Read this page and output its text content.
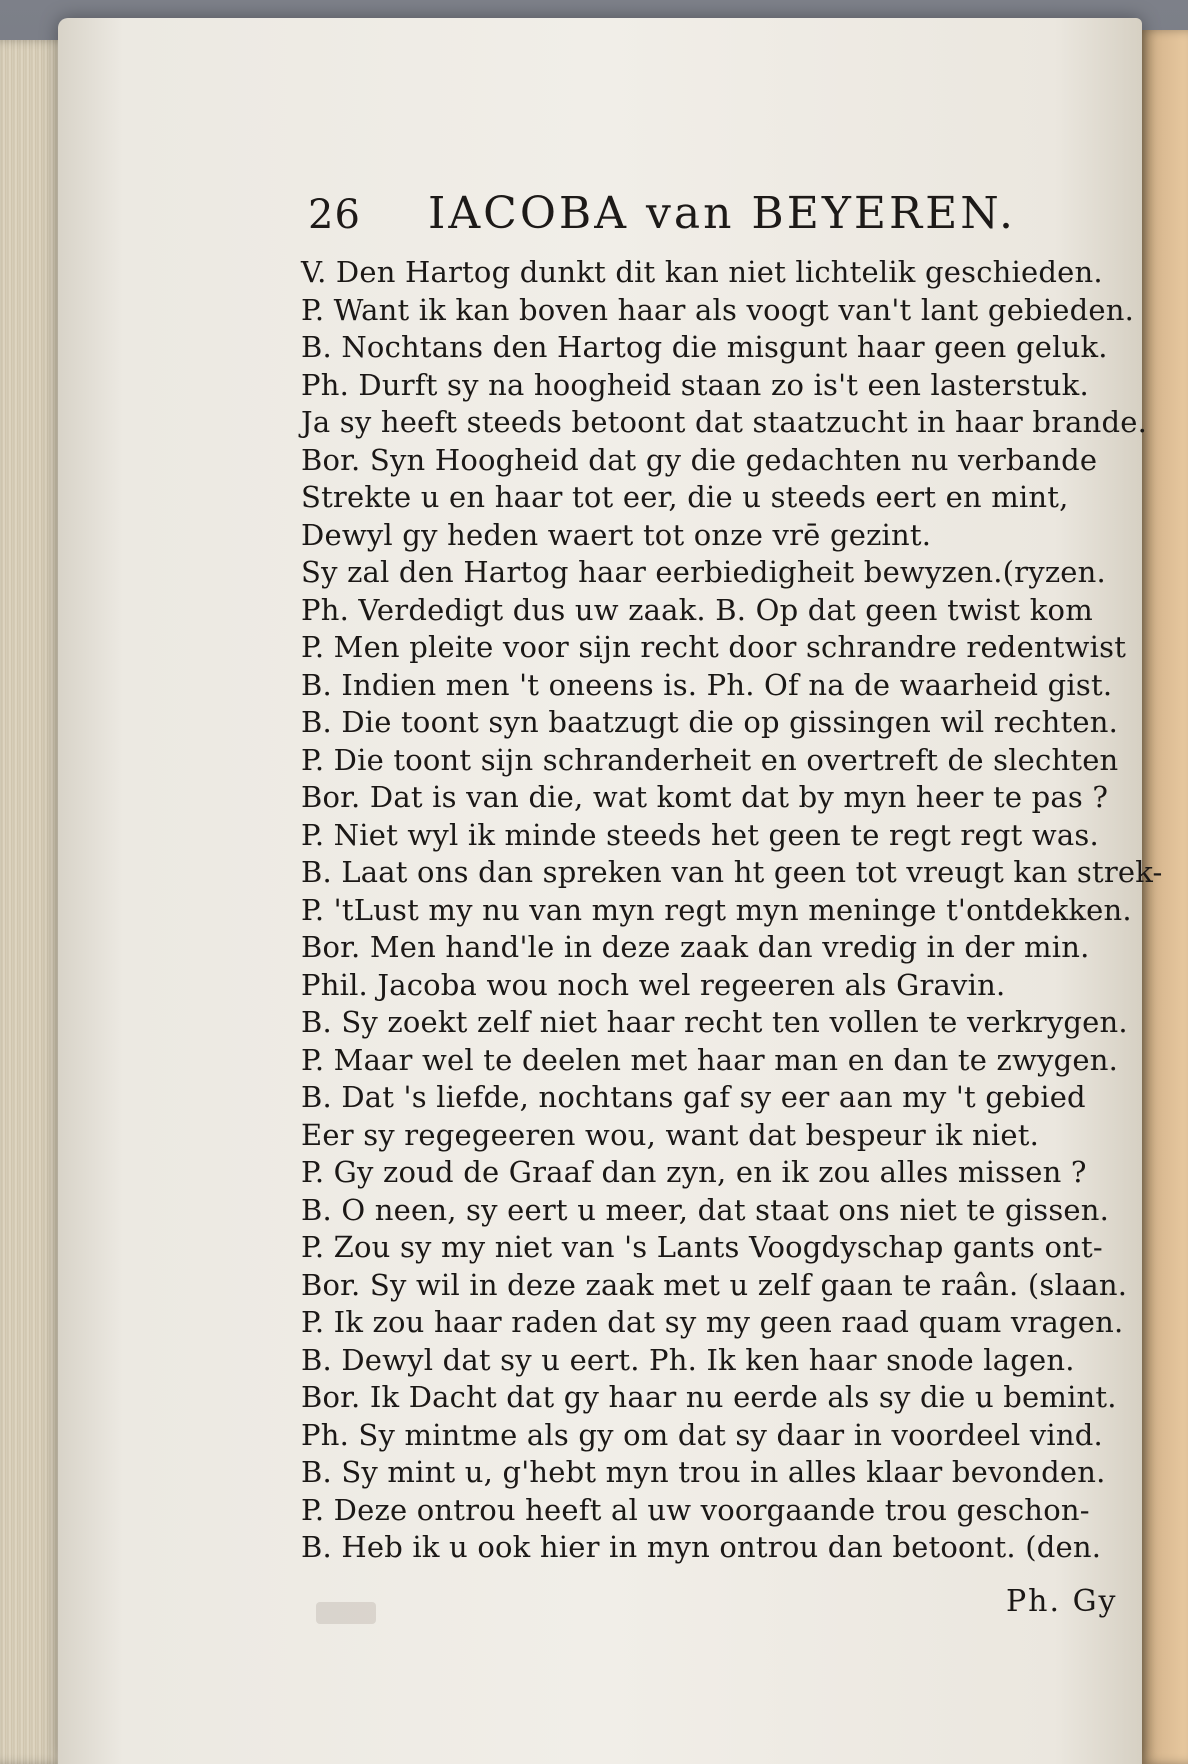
26 IACOBA van BEYEREN.
V. Den Hartog dunkt dit kan niet lichtelik geschieden.
P. Want ik kan boven haar als voogt van't lant gebieden.
B. Nochtans den Hartog die misgunt haar geen geluk.
Ph. Durft sy na hoogheid staan zo is't een lasterstuk.
Ja sy heeft steeds betoont dat staatzucht in haar brande.
Bor. Syn Hoogheid dat gy die gedachten nu verbande
Strekte u en haar tot eer, die u steeds eert en mint,
Dewyl gy heden waert tot onze vrē gezint.
Sy zal den Hartog haar eerbiedigheit bewyzen.(ryzen.
Ph. Verdedigt dus uw zaak. B. Op dat geen twist kom
P. Men pleite voor sijn recht door schrandre redentwist
B. Indien men 't oneens is. Ph. Of na de waarheid gist.
B. Die toont syn baatzugt die op gissingen wil rechten.
P. Die toont sijn schranderheit en overtreft de slechten
Bor. Dat is van die, wat komt dat by myn heer te pas ?
P. Niet wyl ik minde steeds het geen te regt regt was.
B. Laat ons dan spreken van ht geen tot vreugt kan strek-
P. 'tLust my nu van myn regt myn meninge t'ontdekken.
Bor. Men hand'le in deze zaak dan vredig in der min.
Phil. Jacoba wou noch wel regeeren als Gravin.
B. Sy zoekt zelf niet haar recht ten vollen te verkrygen.
P. Maar wel te deelen met haar man en dan te zwygen.
B. Dat 's liefde, nochtans gaf sy eer aan my 't gebied
Eer sy regegeeren wou, want dat bespeur ik niet.
P. Gy zoud de Graaf dan zyn, en ik zou alles missen ?
B. O neen, sy eert u meer, dat staat ons niet te gissen.
P. Zou sy my niet van 's Lants Voogdyschap gants ont-
Bor. Sy wil in deze zaak met u zelf gaan te raân. (slaan.
P. Ik zou haar raden dat sy my geen raad quam vragen.
B. Dewyl dat sy u eert. Ph. Ik ken haar snode lagen.
Bor. Ik Dacht dat gy haar nu eerde als sy die u bemint.
Ph. Sy mintme als gy om dat sy daar in voordeel vind.
B. Sy mint u, g'hebt myn trou in alles klaar bevonden.
P. Deze ontrou heeft al uw voorgaande trou geschon-
B. Heb ik u ook hier in myn ontrou dan betoont. (den.
Ph. Gy
